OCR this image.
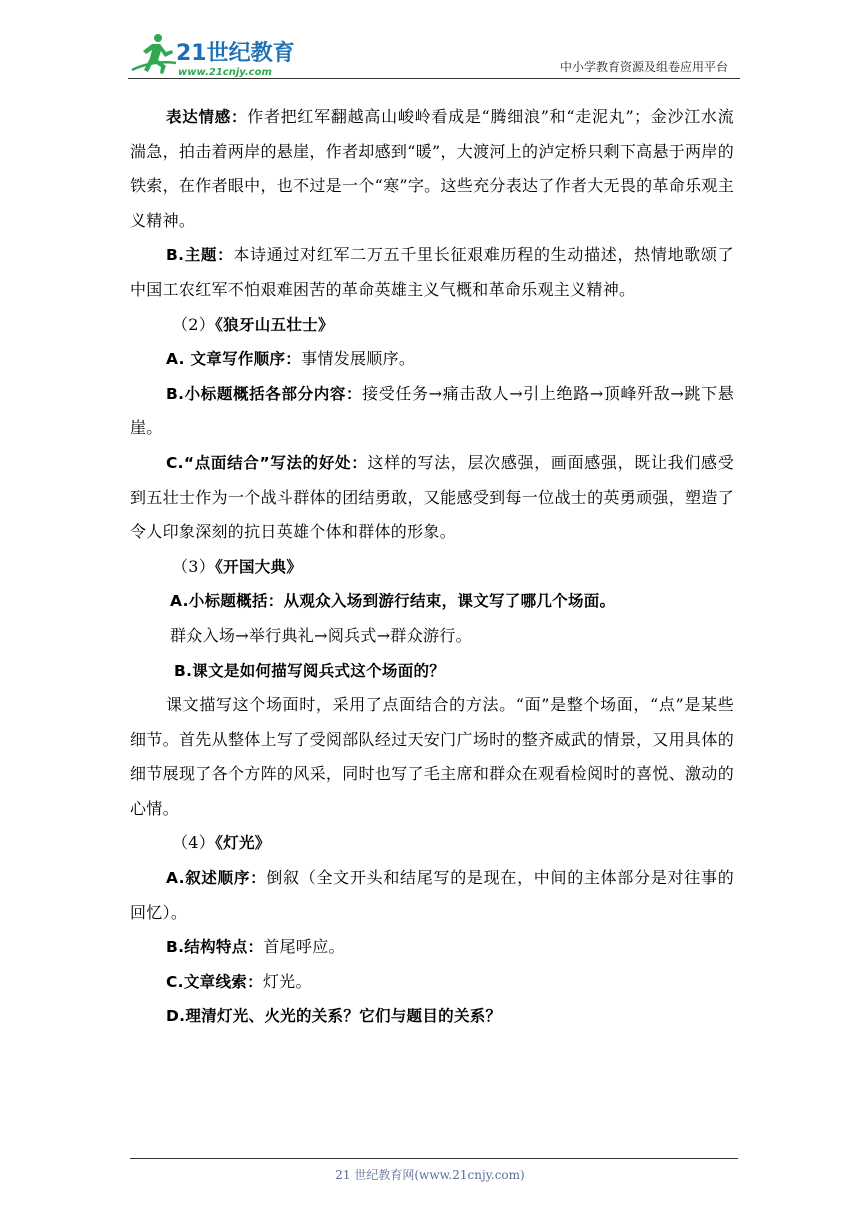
21世纪教育
www.21cnjy.com	中小学教育资源及组卷应用平台

表达情感：作者把红军翻越高山峻岭看成是“腾细浪”和“走泥丸”；金沙江水流湍急，拍击着两岸的悬崖，作者却感到“暖”，大渡河上的泸定桥只剩下高悬于两岸的铁索，在作者眼中，也不过是一个“寒”字。这些充分表达了作者大无畏的革命乐观主义精神。

B.主题：本诗通过对红军二万五千里长征艰难历程的生动描述，热情地歌颂了中国工农红军不怕艰难困苦的革命英雄主义气概和革命乐观主义精神。

（2）《狼牙山五壮士》

A. 文章写作顺序：事情发展顺序。

B.小标题概括各部分内容：接受任务→痛击敌人→引上绝路→顶峰歼敌→跳下悬崖。

C.“点面结合”写法的好处：这样的写法，层次感强，画面感强，既让我们感受到五壮士作为一个战斗群体的团结勇敢，又能感受到每一位战士的英勇顽强，塑造了令人印象深刻的抗日英雄个体和群体的形象。

（3）《开国大典》

A.小标题概括：从观众入场到游行结束，课文写了哪几个场面。

群众入场→举行典礼→阅兵式→群众游行。

B.课文是如何描写阅兵式这个场面的？

课文描写这个场面时，采用了点面结合的方法。“面”是整个场面，“点”是某些细节。首先从整体上写了受阅部队经过天安门广场时的整齐威武的情景，又用具体的细节展现了各个方阵的风采，同时也写了毛主席和群众在观看检阅时的喜悦、激动的心情。

（4）《灯光》

A.叙述顺序：倒叙（全文开头和结尾写的是现在，中间的主体部分是对往事的回忆）。

B.结构特点：首尾呼应。

C.文章线索：灯光。

D.理清灯光、火光的关系？它们与题目的关系？

21 世纪教育网(www.21cnjy.com)
